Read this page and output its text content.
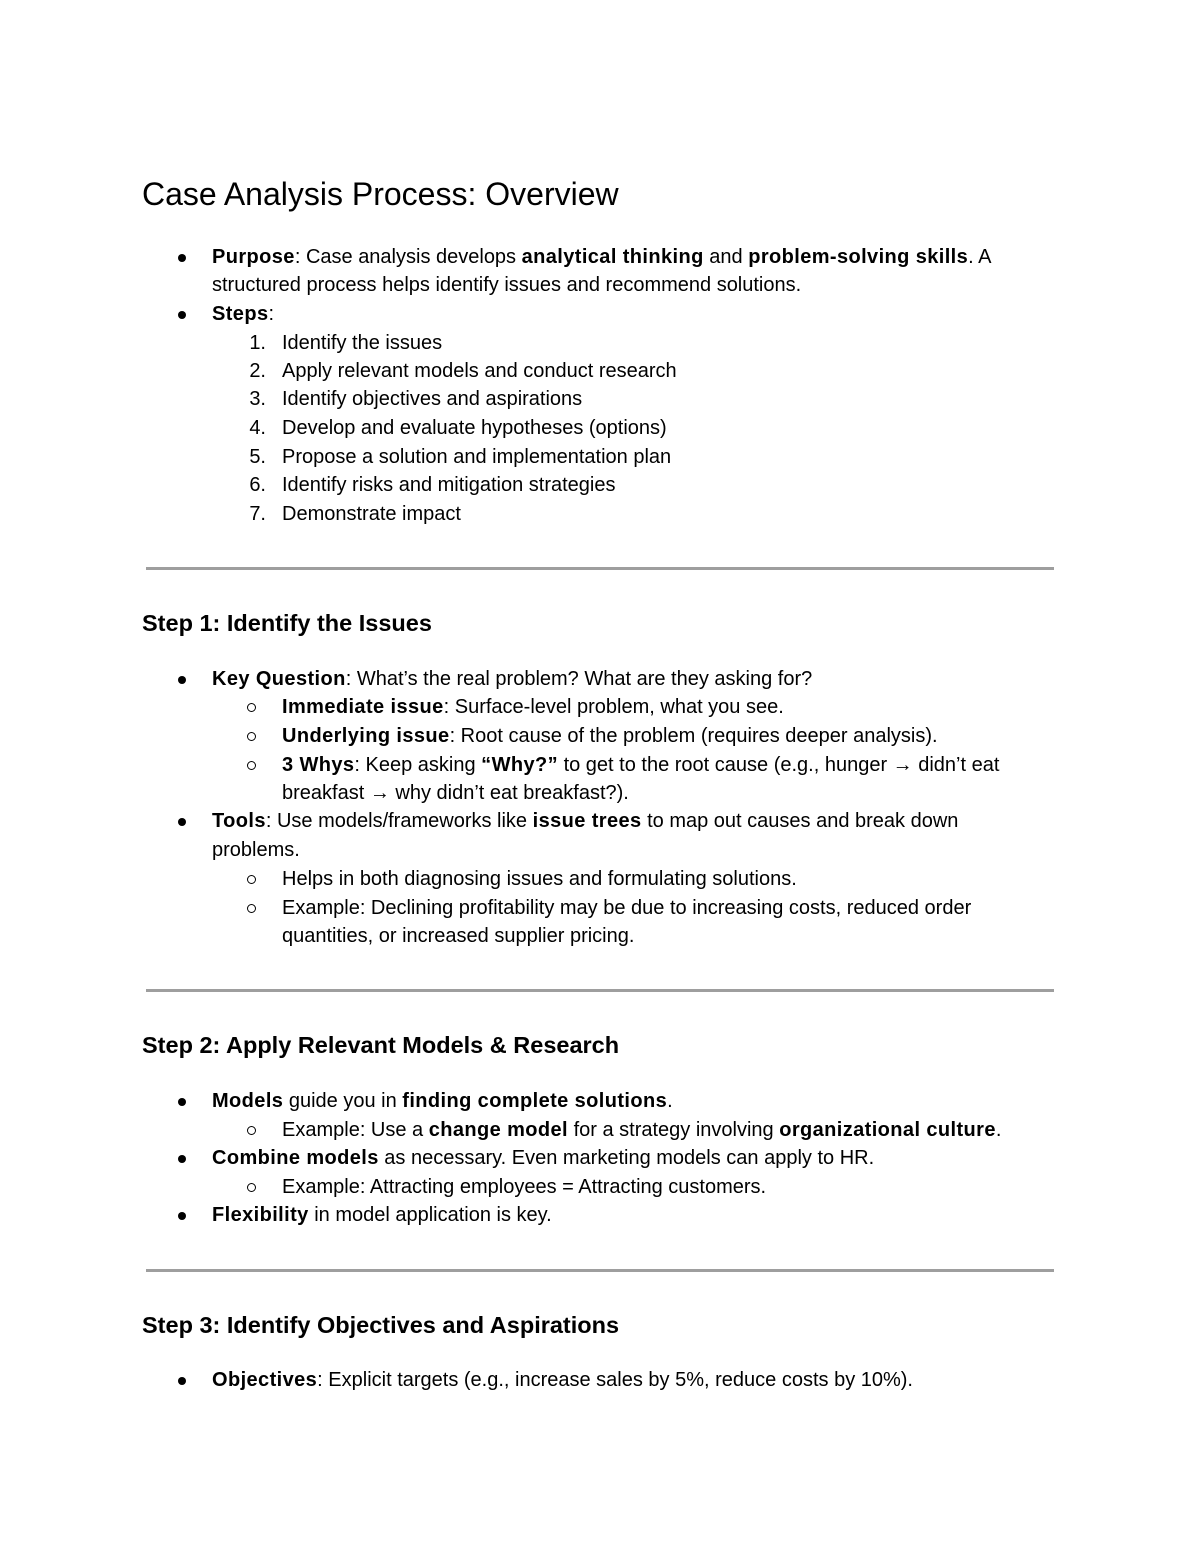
Case Analysis Process: Overview
Purpose: Case analysis develops analytical thinking and problem-solving skills. A
structured process helps identify issues and recommend solutions.
Steps:
1. Identify the issues
2. Apply relevant models and conduct research
3. Identify objectives and aspirations
4. Develop and evaluate hypotheses (options)
5. Propose a solution and implementation plan
6. Identify risks and mitigation strategies
7. Demonstrate impact
Step 1: Identify the Issues
Key Question: What’s the real problem? What are they asking for?
Immediate issue: Surface-level problem, what you see.
Underlying issue: Root cause of the problem (requires deeper analysis).
3 Whys: Keep asking “Why?” to get to the root cause (e.g., hunger → didn’t eat
breakfast → why didn’t eat breakfast?).
Tools: Use models/frameworks like issue trees to map out causes and break down
problems.
Helps in both diagnosing issues and formulating solutions.
Example: Declining profitability may be due to increasing costs, reduced order
quantities, or increased supplier pricing.
Step 2: Apply Relevant Models & Research
Models guide you in finding complete solutions.
Example: Use a change model for a strategy involving organizational culture.
Combine models as necessary. Even marketing models can apply to HR.
Example: Attracting employees = Attracting customers.
Flexibility in model application is key.
Step 3: Identify Objectives and Aspirations
Objectives: Explicit targets (e.g., increase sales by 5%, reduce costs by 10%).
